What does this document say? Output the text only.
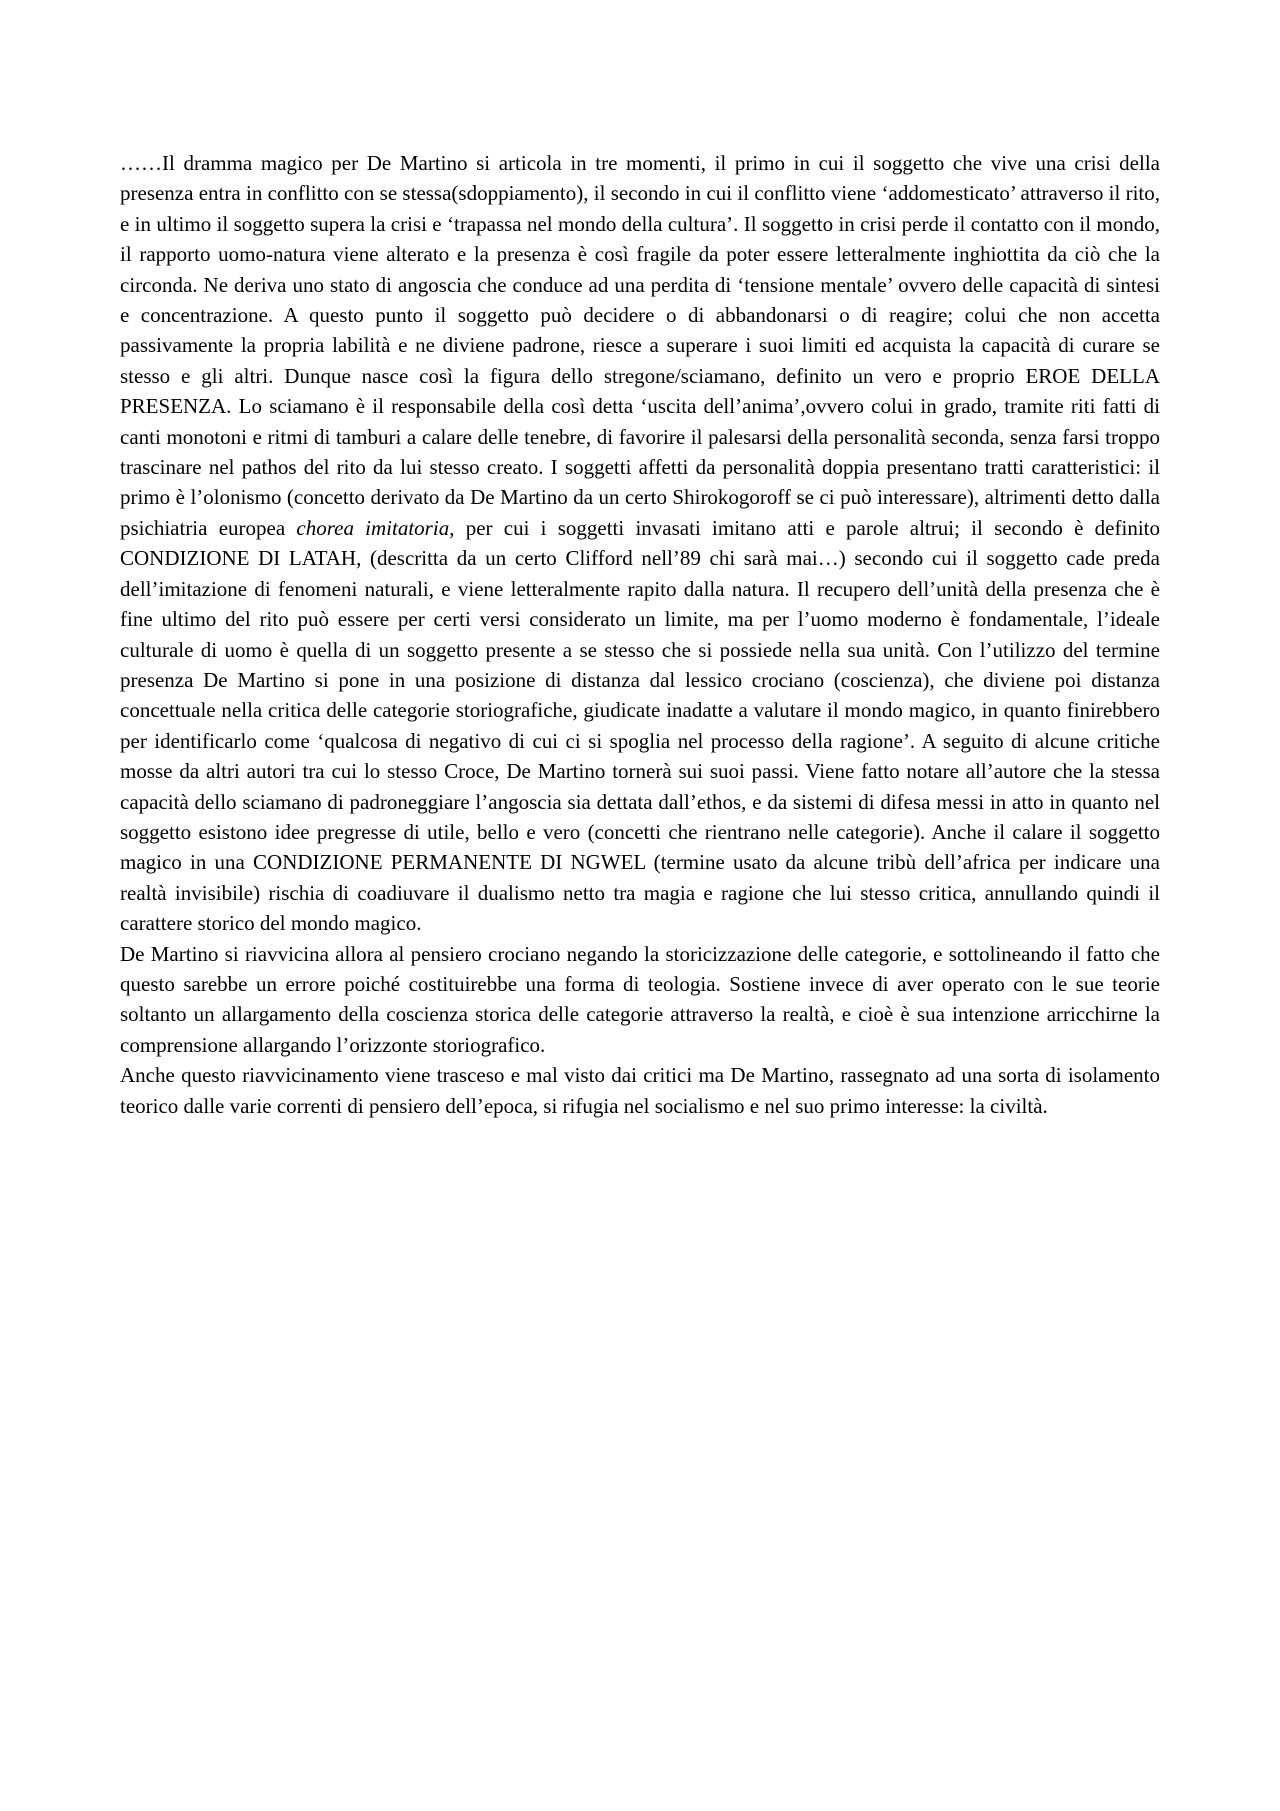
……Il dramma magico per De Martino si articola in tre momenti, il primo in cui il soggetto che vive una crisi della presenza entra in conflitto con se stessa(sdoppiamento), il secondo in cui il conflitto viene ‘addomesticato’ attraverso il rito, e in ultimo il soggetto supera la crisi e ‘trapassa nel mondo della cultura’. Il soggetto in crisi perde il contatto con il mondo, il rapporto uomo-natura viene alterato e la presenza è così fragile da poter essere letteralmente inghiottita da ciò che la circonda. Ne deriva uno stato di angoscia che conduce ad una perdita di ‘tensione mentale’ ovvero delle capacità di sintesi e concentrazione. A questo punto il soggetto può decidere o di abbandonarsi o di reagire; colui che non accetta passivamente la propria labilità e ne diviene padrone, riesce a superare i suoi limiti ed acquista la capacità di curare se stesso e gli altri. Dunque nasce così la figura dello stregone/sciamano, definito un vero e proprio EROE DELLA PRESENZA. Lo sciamano è il responsabile della così detta ‘uscita dell’anima’,ovvero colui in grado, tramite riti fatti di canti monotoni e ritmi di tamburi a calare delle tenebre, di favorire il palesarsi della personalità seconda, senza farsi troppo trascinare nel pathos del rito da lui stesso creato. I soggetti affetti da personalità doppia presentano tratti caratteristici: il primo è l’olonismo (concetto derivato da De Martino da un certo Shirokogoroff se ci può interessare), altrimenti detto dalla psichiatria europea chorea imitatoria, per cui i soggetti invasati imitano atti e parole altrui; il secondo è definito CONDIZIONE DI LATAH, (descritta da un certo Clifford nell’89 chi sarà mai…) secondo cui il soggetto cade preda dell’imitazione di fenomeni naturali, e viene letteralmente rapito dalla natura. Il recupero dell’unità della presenza che è fine ultimo del rito può essere per certi versi considerato un limite, ma per l’uomo moderno è fondamentale, l’ideale culturale di uomo è quella di un soggetto presente a se stesso che si possiede nella sua unità. Con l’utilizzo del termine presenza De Martino si pone in una posizione di distanza dal lessico crociano (coscienza), che diviene poi distanza concettuale nella critica delle categorie storiografiche, giudicate inadatte a valutare il mondo magico, in quanto finirebbero per identificarlo come ‘qualcosa di negativo di cui ci si spoglia nel processo della ragione’. A seguito di alcune critiche mosse da altri autori tra cui lo stesso Croce, De Martino tornerà sui suoi passi. Viene fatto notare all’autore che la stessa capacità dello sciamano di padroneggiare l’angoscia sia dettata dall’ethos, e da sistemi di difesa messi in atto in quanto nel soggetto esistono idee pregresse di utile, bello e vero (concetti che rientrano nelle categorie). Anche il calare il soggetto magico in una CONDIZIONE PERMANENTE DI NGWEL (termine usato da alcune tribù dell’africa per indicare una realtà invisibile) rischia di coadiuvare il dualismo netto tra magia e ragione che lui stesso critica, annullando quindi il carattere storico del mondo magico.

De Martino si riavvicina allora al pensiero crociano negando la storicizzazione delle categorie, e sottolineando il fatto che questo sarebbe un errore poiché costituirebbe una forma di teologia. Sostiene invece di aver operato con le sue teorie soltanto un allargamento della coscienza storica delle categorie attraverso la realtà, e cioè è sua intenzione arricchirne la comprensione allargando l’orizzonte storiografico.

Anche questo riavvicinamento viene trasceso e mal visto dai critici ma De Martino, rassegnato ad una sorta di isolamento teorico dalle varie correnti di pensiero dell’epoca, si rifugia nel socialismo e nel suo primo interesse: la civiltà.
